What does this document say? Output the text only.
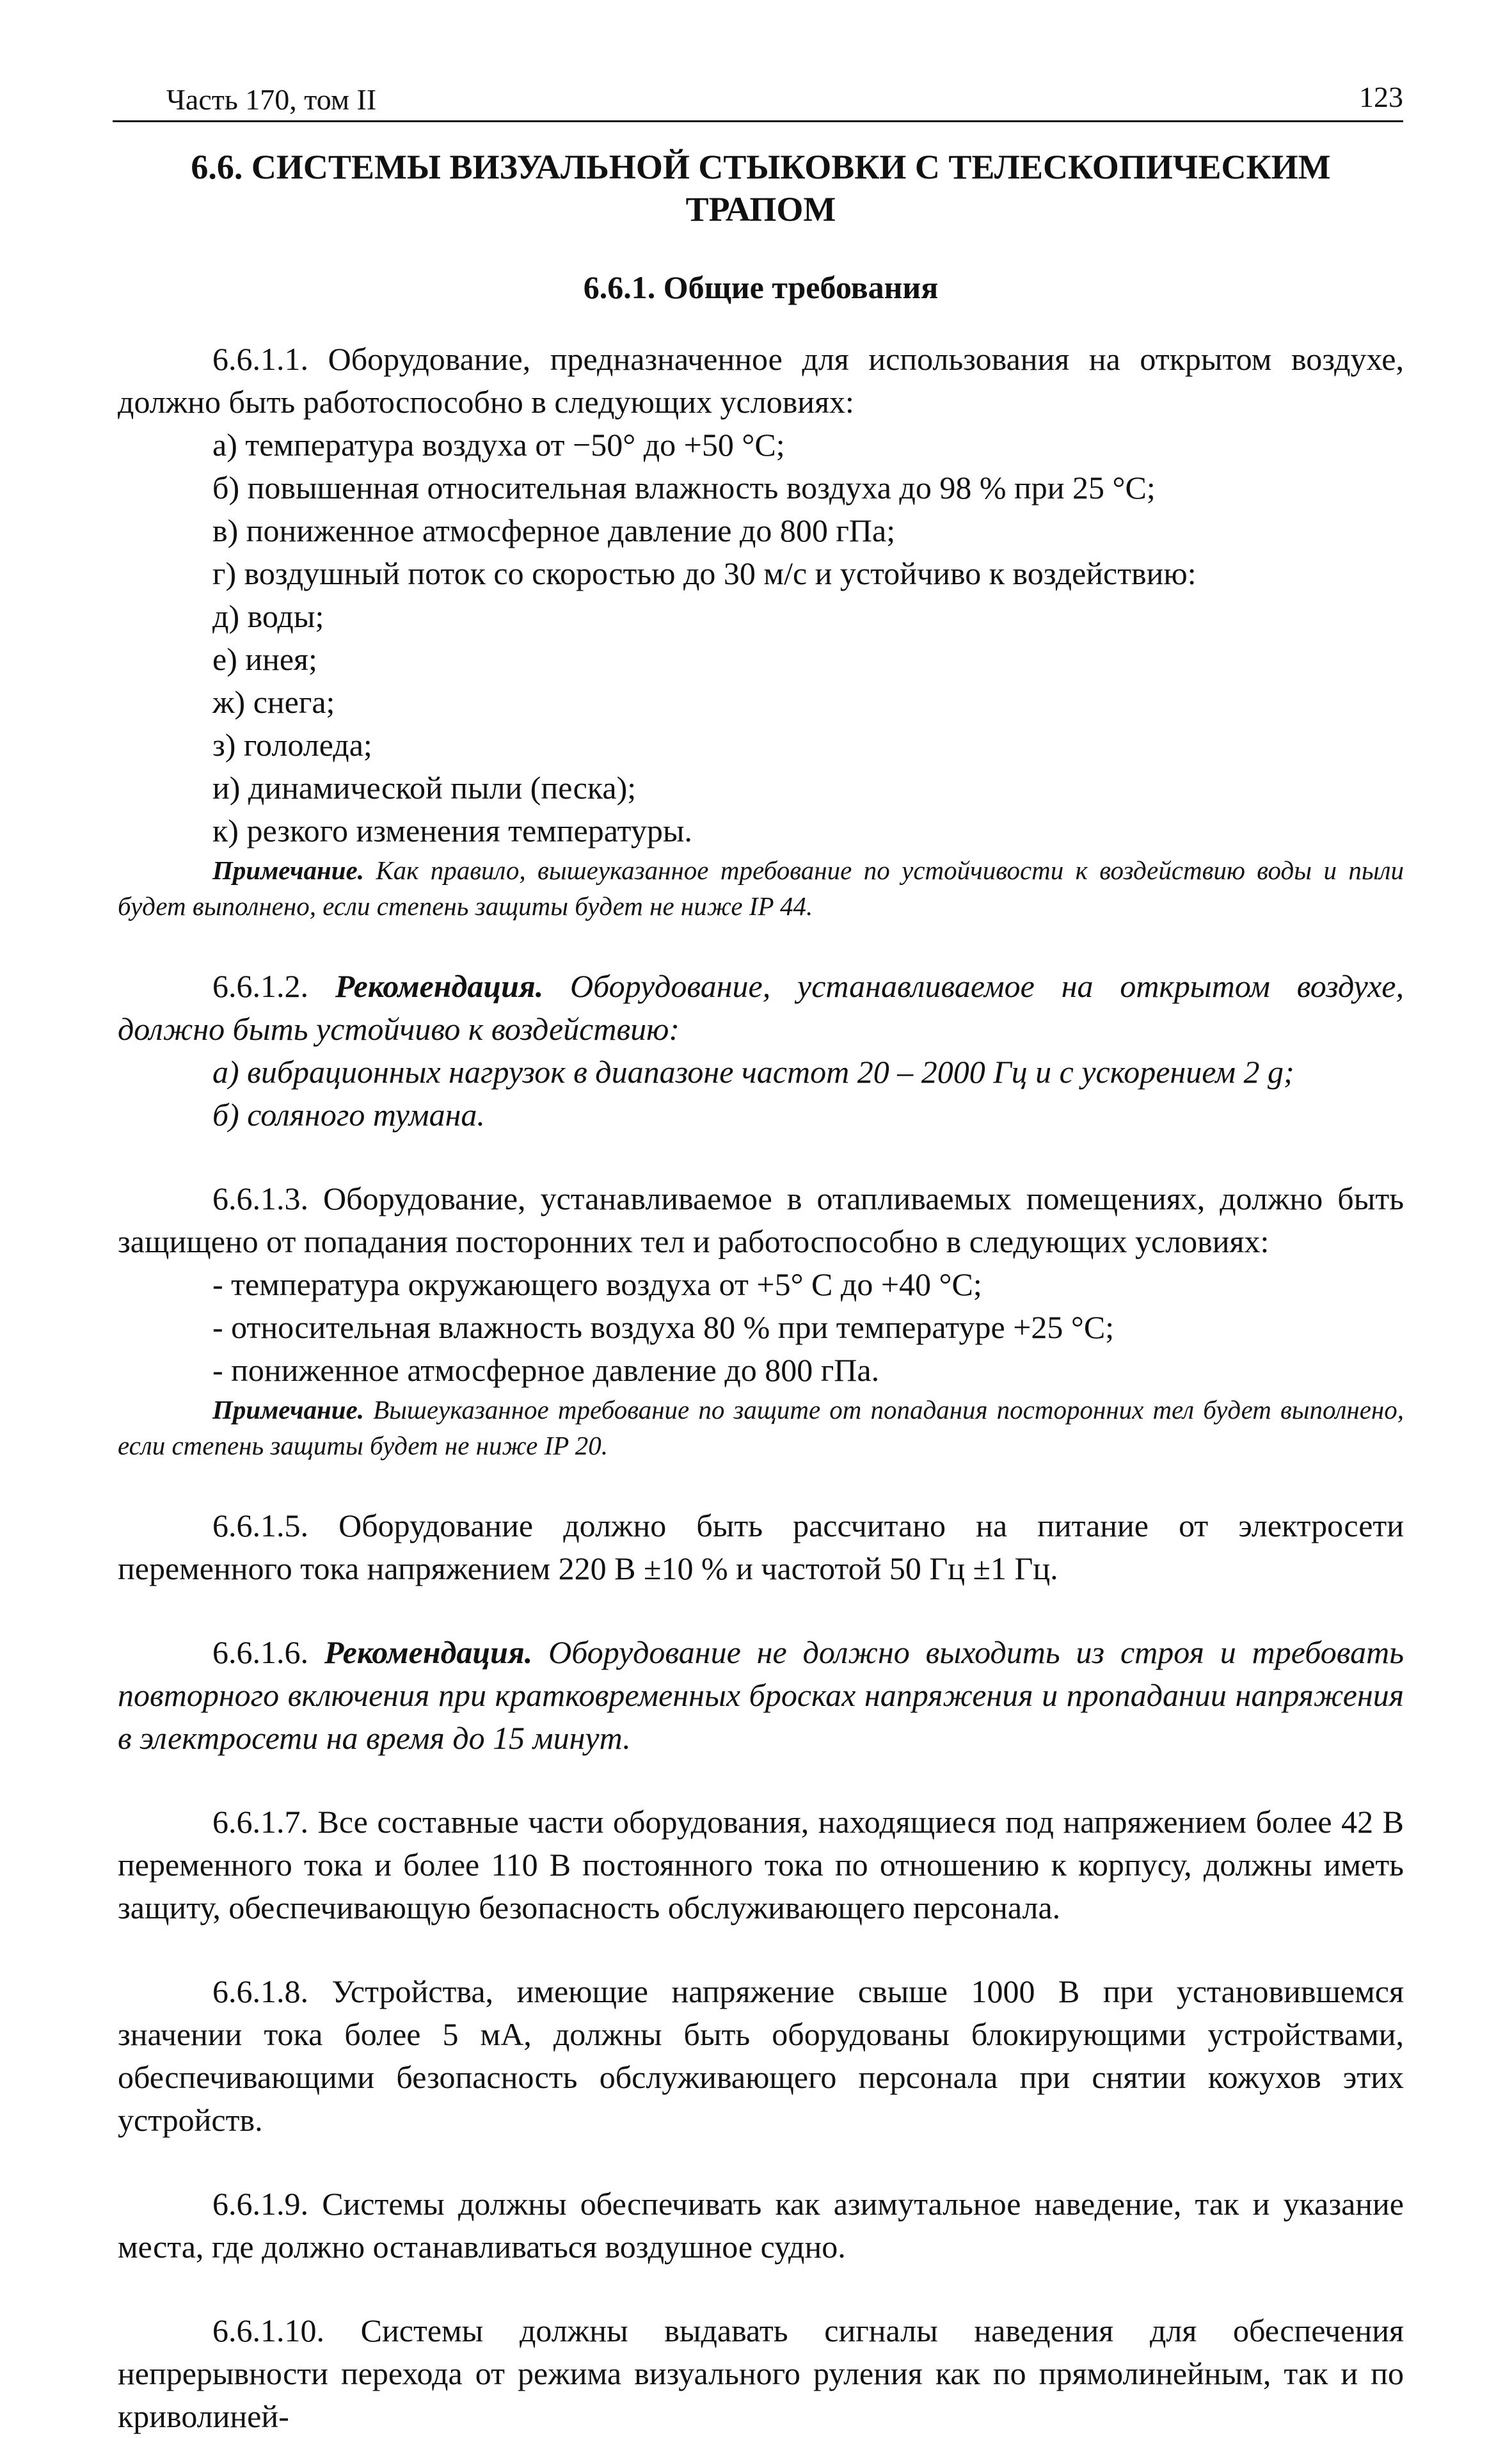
Часть 170, том II	123
6.6. СИСТЕМЫ ВИЗУАЛЬНОЙ СТЫКОВКИ С ТЕЛЕСКОПИЧЕСКИМ ТРАПОМ
6.6.1. Общие требования

6.6.1.1. Оборудование, предназначенное для использования на открытом воздухе, должно быть работоспособно в следующих условиях:

а) температура воздуха от −50° до +50 °С;

б) повышенная относительная влажность воздуха до 98 % при 25 °С;

в) пониженное атмосферное давление до 800 гПа;

г) воздушный поток со скоростью до 30 м/с и устойчиво к воздействию:

д) воды;

е) инея;

ж) снега;

з) гололеда;

и) динамической пыли (песка);

к) резкого изменения температуры.

Примечание. Как правило, вышеуказанное требование по устойчивости к воздействию воды и пыли будет выполнено, если степень защиты будет не ниже IP 44.

6.6.1.2. Рекомендация. Оборудование, устанавливаемое на открытом воздухе, должно быть устойчиво к воздействию:

а) вибрационных нагрузок в диапазоне частот 20 – 2000 Гц и с ускорением 2 g;

б) соляного тумана.

6.6.1.3. Оборудование, устанавливаемое в отапливаемых помещениях, должно быть защищено от попадания посторонних тел и работоспособно в следующих условиях:

- температура окружающего воздуха от +5° С до +40 °С;

- относительная влажность воздуха 80 % при температуре +25 °С;

- пониженное атмосферное давление до 800 гПа.

Примечание. Вышеуказанное требование по защите от попадания посторонних тел будет выполнено, если степень защиты будет не ниже IP 20.

6.6.1.5. Оборудование должно быть рассчитано на питание от электросети переменного тока напряжением 220 В ±10 % и частотой 50 Гц ±1 Гц.

6.6.1.6. Рекомендация. Оборудование не должно выходить из строя и требовать повторного включения при кратковременных бросках напряжения и пропадании напряжения в электросети на время до 15 минут.

6.6.1.7. Все составные части оборудования, находящиеся под напряжением более 42 В переменного тока и более 110 В постоянного тока по отношению к корпусу, должны иметь защиту, обеспечивающую безопасность обслуживающего персонала.

6.6.1.8. Устройства, имеющие напряжение свыше 1000 В при установившемся значении тока более 5 мА, должны быть оборудованы блокирующими устройствами, обеспечивающими безопасность обслуживающего персонала при снятии кожухов этих устройств.

6.6.1.9. Системы должны обеспечивать как азимутальное наведение, так и указание места, где должно останавливаться воздушное судно.

6.6.1.10. Системы должны выдавать сигналы наведения для обеспечения непрерывности перехода от режима визуального руления как по прямолинейным, так и по криволиней-
